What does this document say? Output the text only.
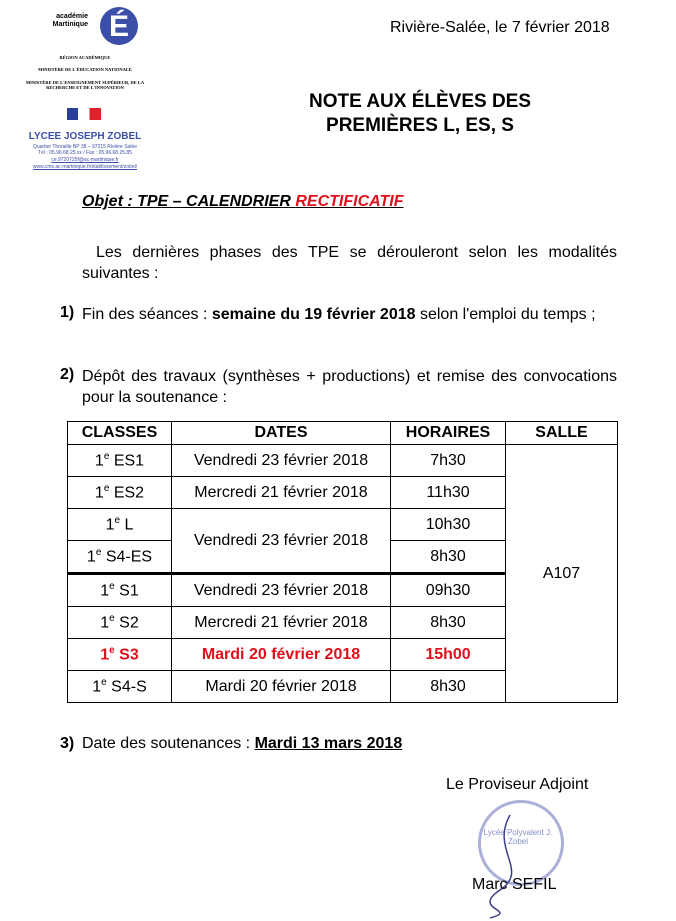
académie Martinique É
RÉGION ACADÉMIQUE
MINISTÈRE DE L'ÉDUCATION NATIONALE
MINISTÈRE DE L'ENSEIGNEMENT SUPÉRIEUR, DE LA RECHERCHE ET DE L'INNOVATION
LYCEE JOSEPH ZOBEL
Quartier Thoraille BP 38 – 97215 Rivière Salée
Tél : 05.96.68.25.xx / Fax : 05.96.68.25.85
ce.9720725f@ac-martinique.fr
www.cms.ac-martinique.fr/etablissement/zobel/
Rivière-Salée, le 7 février 2018
NOTE AUX ÉLÈVES DES
PREMIÈRES L, ES, S
Objet : TPE – CALENDRIER RECTIFICATIF

Les dernières phases des TPE se dérouleront selon les modalités suivantes :

1) Fin des séances : semaine du 19 février 2018 selon l'emploi du temps ;

2) Dépôt des travaux (synthèses + productions) et remise des convocations pour la soutenance :

CLASSES	DATES	HORAIRES	SALLE
1e ES1	Vendredi 23 février 2018	7h30	A107
1e ES2	Mercredi 21 février 2018	11h30	
1e L	Vendredi 23 février 2018	10h30	
1e S4-ES		8h30	
1e S1	Vendredi 23 février 2018	09h30	
1e S2	Mercredi 21 février 2018	8h30	
1e S3	Mardi 20 février 2018	15h00	
1e S4-S	Mardi 20 février 2018	8h30	
3) Date des soutenances : Mardi 13 mars 2018
Le Proviseur Adjoint
Lycée Polyvalent J. Zobel
Marc SEFIL
